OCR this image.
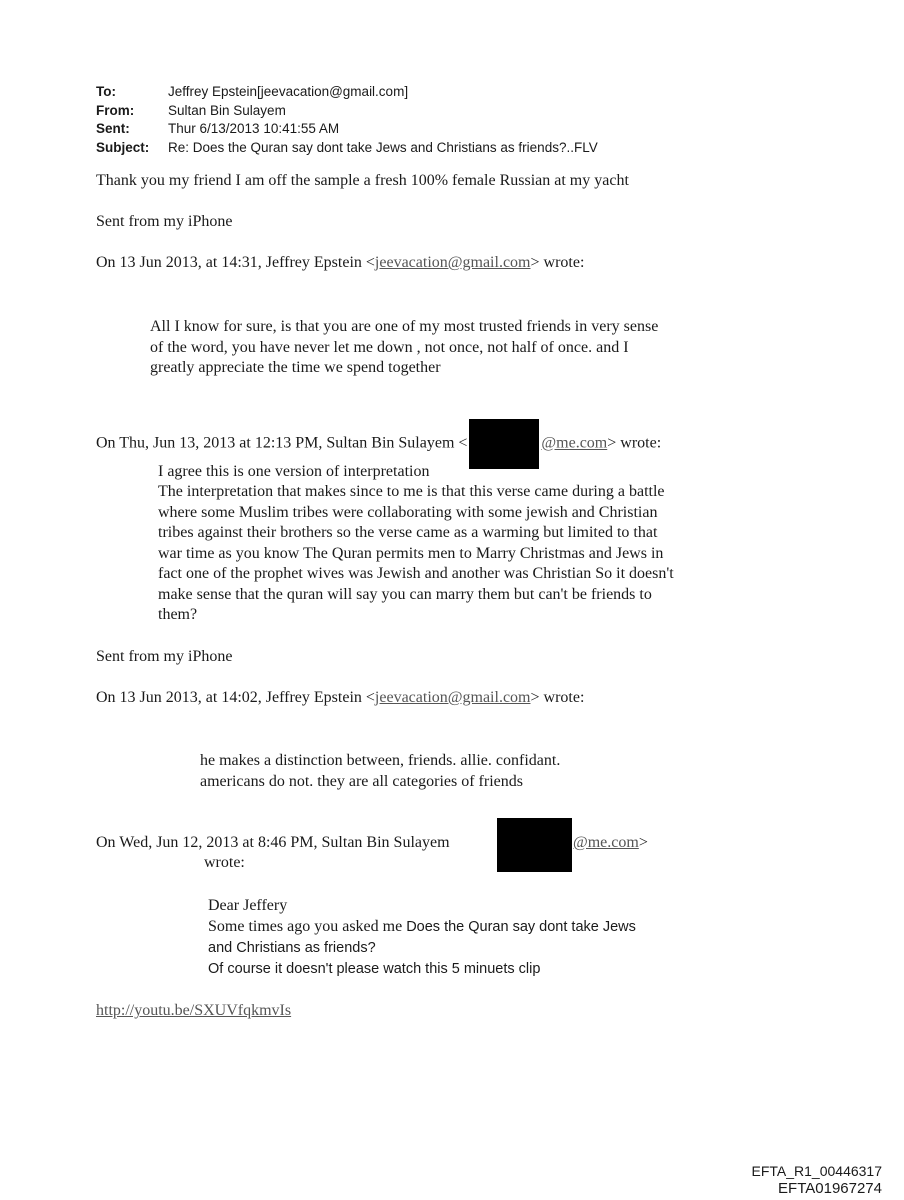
To:	Jeffrey Epstein[jeevacation@gmail.com]
From:	Sultan Bin Sulayem
Sent:	Thur 6/13/2013 10:41:55 AM
Subject:	Re: Does the Quran say dont take Jews and Christians as friends?..FLV
Thank you my friend I am off the sample a fresh 100% female Russian at my yacht
Sent from my iPhone
On 13 Jun 2013, at 14:31, Jeffrey Epstein <jeevacation@gmail.com> wrote:
All I know for sure, is that you are one of my most trusted friends in very sense
of the word, you have never let me down , not once, not half of once. and I
greatly appreciate the time we spend together
On Thu, Jun 13, 2013 at 12:13 PM, Sultan Bin Sulayem <	@me.com> wrote:
I agree this is one version of interpretation
The interpretation that makes since to me is that this verse came during a battle
where some Muslim tribes were collaborating with some jewish and Christian
tribes against their brothers so the verse came as a warming but limited to that
war time as you know The Quran permits men to Marry Christmas and Jews in
fact one of the prophet wives was Jewish and another was Christian So it doesn't
make sense that the quran will say you can marry them but can't be friends to
them?
Sent from my iPhone
On 13 Jun 2013, at 14:02, Jeffrey Epstein <jeevacation@gmail.com> wrote:
he makes a distinction between, friends. allie. confidant.
americans do not. they are all categories of friends
On Wed, Jun 12, 2013 at 8:46 PM, Sultan Bin Sulayem	@me.com>
wrote:
Dear Jeffery
Some times ago you asked me Does the Quran say dont take Jews
and Christians as friends?
Of course it doesn't please watch this 5 minuets clip
http://youtu.be/SXUVfqkmvIs
EFTA_R1_00446317
EFTA01967274
